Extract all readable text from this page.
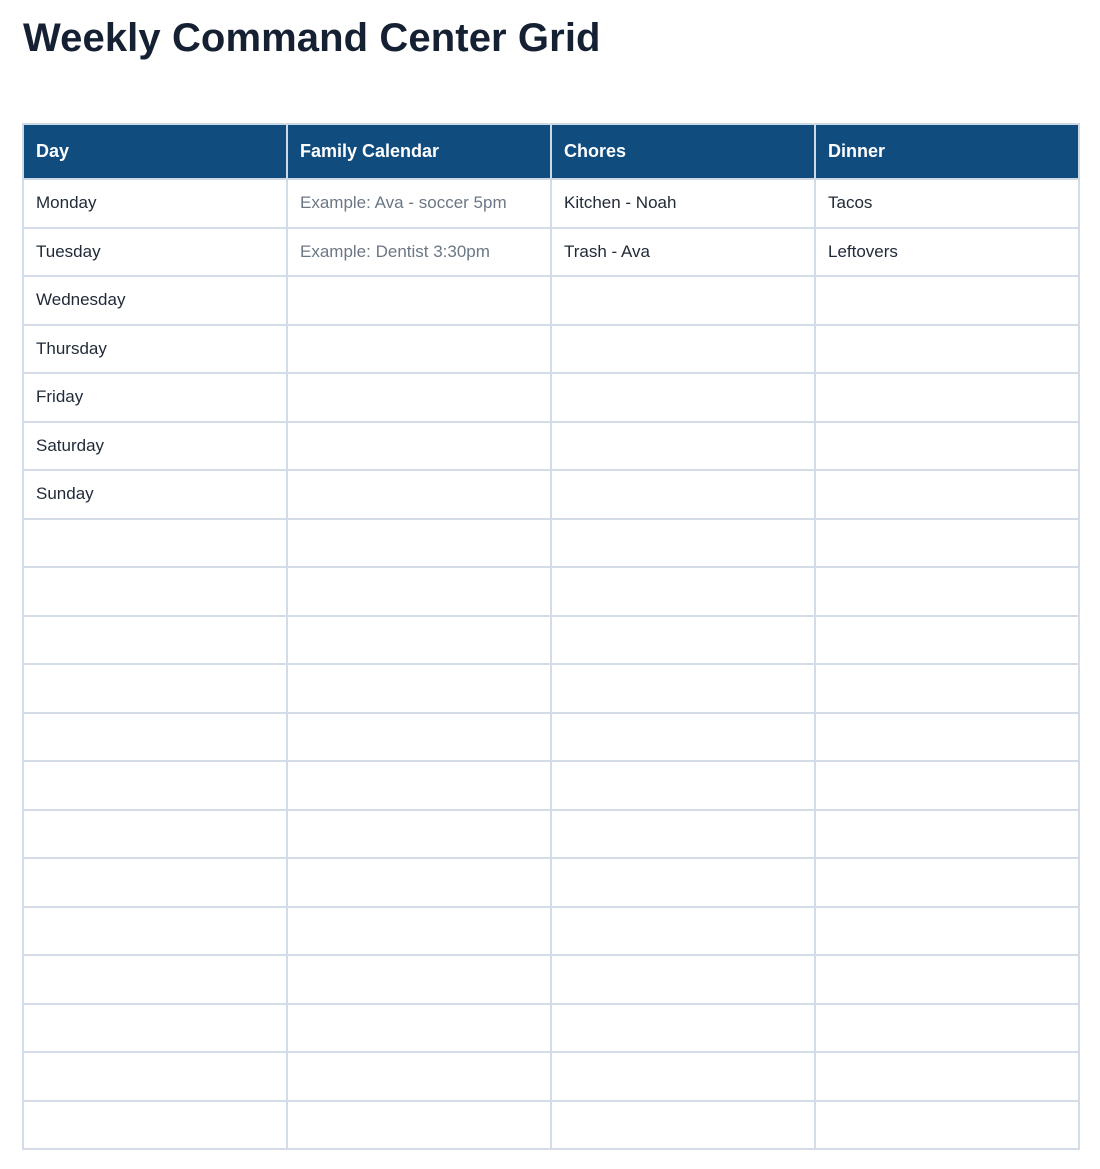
Weekly Command Center Grid
Day	Family Calendar	Chores	Dinner
Monday	Example: Ava - soccer 5pm	Kitchen - Noah	Tacos
Tuesday	Example: Dentist 3:30pm	Trash - Ava	Leftovers
Wednesday			
Thursday			
Friday			
Saturday			
Sunday			
